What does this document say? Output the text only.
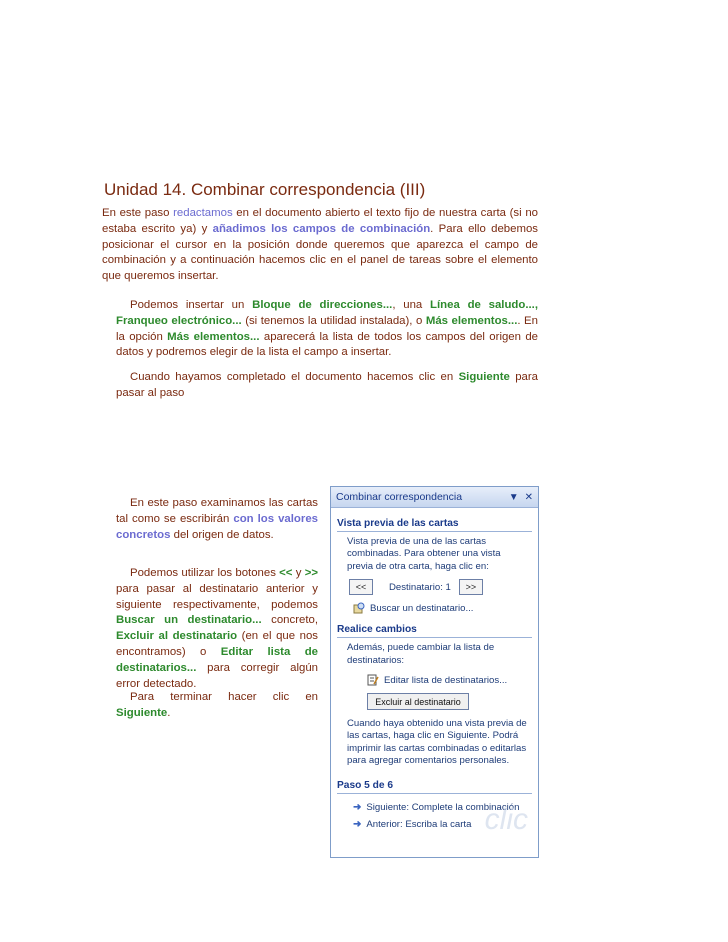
Unidad 14. Combinar correspondencia (III)
En este paso redactamos en el documento abierto el texto fijo de nuestra carta (si no estaba escrito ya) y añadimos los campos de combinación. Para ello debemos posicionar el cursor en la posición donde queremos que aparezca el campo de combinación y a continuación hacemos clic en el panel de tareas sobre el elemento que queremos insertar.
Podemos insertar un Bloque de direcciones..., una Línea de saludo..., Franqueo electrónico... (si tenemos la utilidad instalada), o Más elementos.... En la opción Más elementos... aparecerá la lista de todos los campos del origen de datos y podremos elegir de la lista el campo a insertar.
Cuando hayamos completado el documento hacemos clic en Siguiente para pasar al paso
En este paso examinamos las cartas tal como se escribirán con los valores concretos del origen de datos.
Podemos utilizar los botones << y >> para pasar al destinatario anterior y siguiente respectivamente, podemos Buscar un destinatario... concreto, Excluir al destinatario (en el que nos encontramos) o Editar lista de destinatarios... para corregir algún error detectado.
Para terminar hacer clic en Siguiente.
Combinar correspondencia	▼ ✕
Vista previa de las cartas
Vista previa de una de las cartas combinadas. Para obtener una vista previa de otra carta, haga clic en:
<<	Destinatario: 1	>>
Buscar un destinatario...
Realice cambios
Además, puede cambiar la lista de destinatarios:
Editar lista de destinatarios...
Excluir al destinatario
Cuando haya obtenido una vista previa de las cartas, haga clic en Siguiente. Podrá imprimir las cartas combinadas o editarlas para agregar comentarios personales.
Paso 5 de 6
➜ Siguiente: Complete la combinación
➜ Anterior: Escriba la carta clic
